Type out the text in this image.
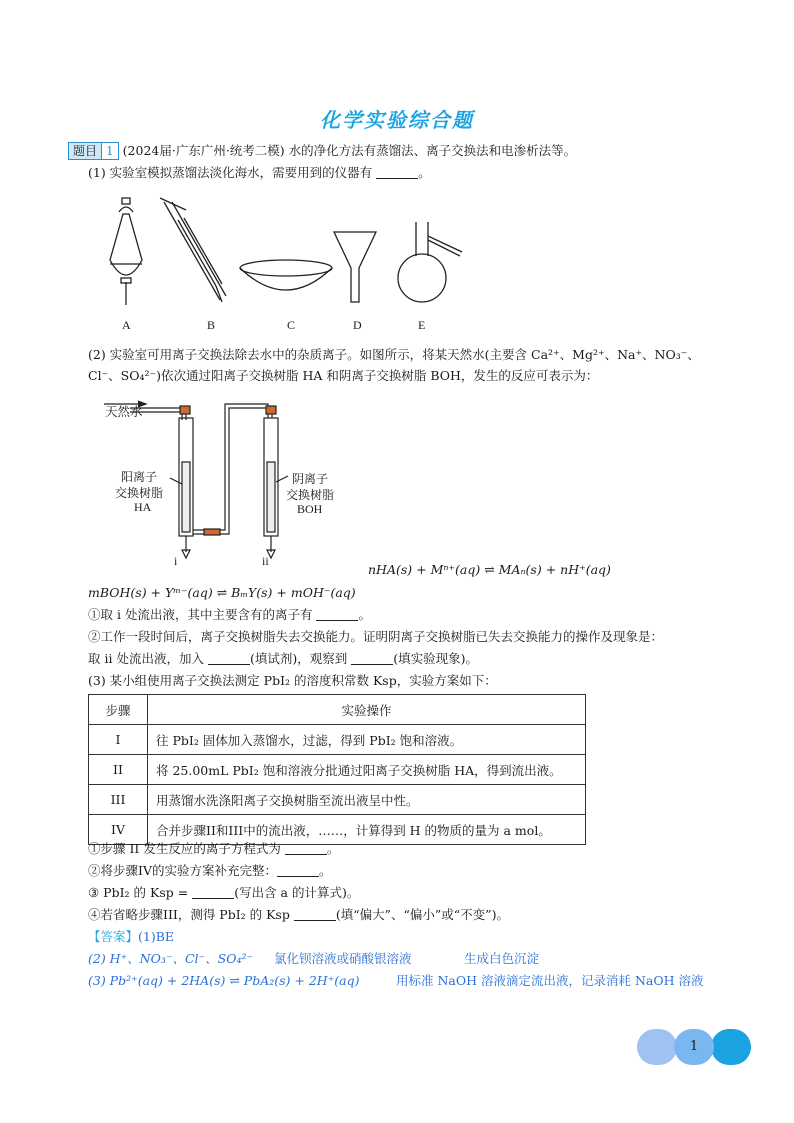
化学实验综合题
题目 1 (2024届·广东广州·统考二模) 水的净化方法有蒸馏法、离子交换法和电渗析法等。
(1) 实验室模拟蒸馏法淡化海水，需要用到的仪器有	。
A	B	C	D	E
(2) 实验室可用离子交换法除去水中的杂质离子。如图所示，将某天然水(主要含 Ca²⁺、Mg²⁺、Na⁺、NO₃⁻、
Cl⁻、SO₄²⁻)依次通过阳离子交换树脂 HA 和阴离子交换树脂 BOH，发生的反应可表示为：
天然水
阳离子
交换树脂
HA
阴离子
交换树脂
BOH
i	ii
nHA(s) + Mⁿ⁺(aq) ⇌ MAₙ(s) + nH⁺(aq)
mBOH(s) + Yᵐ⁻(aq) ⇌ BₘY(s) + mOH⁻(aq)
①取 i 处流出液，其中主要含有的离子有	。
②工作一段时间后，离子交换树脂失去交换能力。证明阴离子交换树脂已失去交换能力的操作及现象是：
取 ii 处流出液，加入	(填试剂)，观察到	(填实验现象)。
(3) 某小组使用离子交换法测定 PbI₂ 的溶度积常数 Ksp，实验方案如下：
步骤	实验操作
I	往 PbI₂ 固体加入蒸馏水，过滤，得到 PbI₂ 饱和溶液。
II	将 25.00mL PbI₂ 饱和溶液分批通过阳离子交换树脂 HA，得到流出液。
III	用蒸馏水洗涤阳离子交换树脂至流出液呈中性。
IV	合并步骤II和III中的流出液，……，计算得到 H 的物质的量为 a mol。
①步骤 II 发生反应的离子方程式为	。
②将步骤IV的实验方案补充完整：	。
③ PbI₂ 的 Ksp =	(写出含 a 的计算式)。
④若省略步骤III，测得 PbI₂ 的 Ksp	(填“偏大”、“偏小”或“不变”)。
【答案】(1)BE
(2) H⁺、NO₃⁻、Cl⁻、SO₄²⁻ 氯化钡溶液或硝酸银溶液	生成白色沉淀
(3) Pb²⁺(aq) + 2HA(s) ⇌ PbA₂(s) + 2H⁺(aq)	用标准 NaOH 溶液滴定流出液，记录消耗 NaOH 溶液
1
